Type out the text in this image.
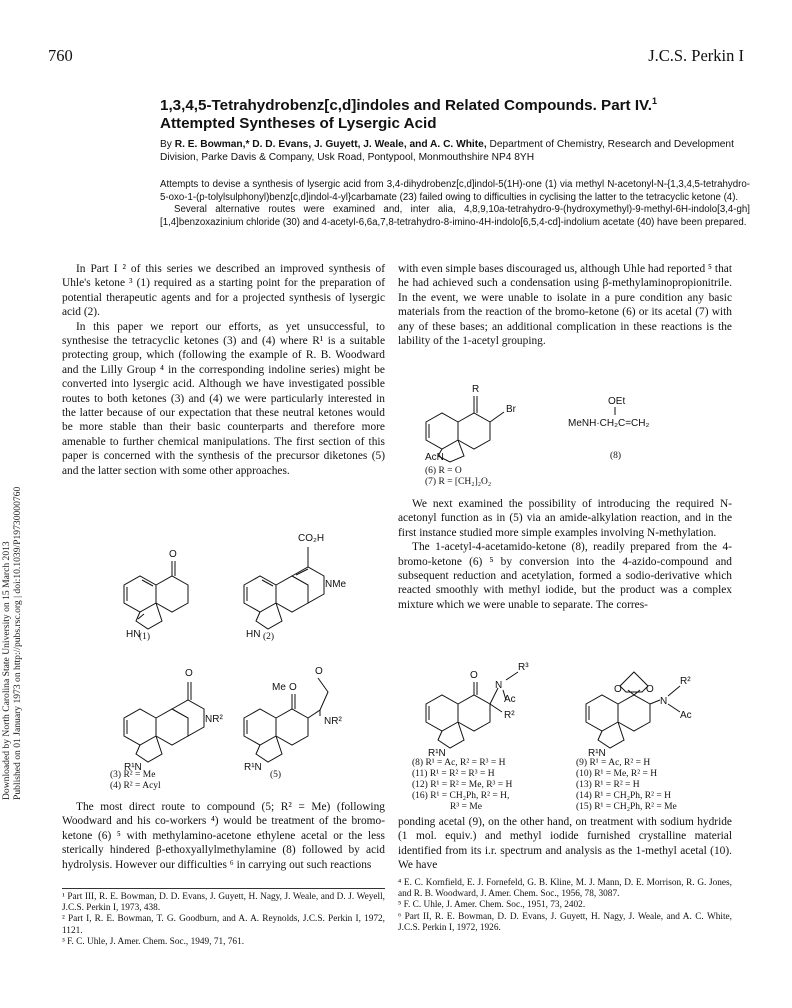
760	J.C.S. Perkin I
1,3,4,5-Tetrahydrobenz[c,d]indoles and Related Compounds. Part IV.$^1$
Attempted Syntheses of Lysergic Acid
By R. E. Bowman,* D. D. Evans, J. Guyett, J. Weale, and A. C. White, Department of Chemistry, Research and Development Division, Parke Davis & Company, Usk Road, Pontypool, Monmouthshire NP4 8YH

Attempts to devise a synthesis of lysergic acid from 3,4-dihydrobenz[c,d]indol-5(1H)-one (1) via methyl N-acetonyl-N-{1,3,4,5-tetrahydro-5-oxo-1-(p-tolylsulphonyl)benz[c,d]indol-4-yl}carbamate (23) failed owing to difficulties in cyclising the latter to the tetracyclic ketone (4).

Several alternative routes were examined and, inter alia, 4,8,9,10a-tetrahydro-9-(hydroxymethyl)-9-methyl-6H-indolo[3,4-gh][1,4]benzoxazinium chloride (30) and 4-acetyl-6,6a,7,8-tetrahydro-8-imino-4H-indolo[6,5,4-cd]-indolium acetate (40) have been prepared.

Downloaded by North Carolina State University on 15 March 2013 Published on 01 January 1973 on http://pubs.rsc.org | doi:10.1039/P19730000760

In Part I ² of this series we described an improved synthesis of Uhle's ketone ³ (1) required as a starting point for the preparation of potential therapeutic agents and for a projected synthesis of lysergic acid (2).

In this paper we report our efforts, as yet unsuccessful, to synthesise the tetracyclic ketones (3) and (4) where R¹ is a suitable protecting group, which (following the example of R. B. Woodward and the Lilly Group ⁴ in the corresponding indoline series) might be converted into lysergic acid. Although we have investigated possible routes to both ketones (3) and (4) we were particularly interested in the latter because of our expectation that these neutral ketones would be more stable than their basic counterparts and therefore more amenable to further chemical manipulations. The first section of this paper is concerned with the synthesis of the precursor diketones (5) and the latter section with some other approaches.

O
HN
CO₂H
NMe
HN
(1)	(2)
O
NR²
R¹N
O
Me
O
NR²
R¹N
(3) R² = Me
(4) R² = Acyl
(5)

The most direct route to compound (5; R² = Me) (following Woodward and his co-workers ⁴) would be treatment of the bromo-ketone (6) ⁵ with methylamino-acetone ethylene acetal or the less sterically hindered β-ethoxyallylmethylamine (8) followed by acid hydrolysis. However our difficulties ⁶ in carrying out such reactions

¹ Part III, R. E. Bowman, D. D. Evans, J. Guyett, H. Nagy, J. Weale, and D. J. Weyell, J.C.S. Perkin I, 1973, 438.

² Part I, R. E. Bowman, T. G. Goodburn, and A. A. Reynolds, J.C.S. Perkin I, 1972, 1121.

³ F. C. Uhle, J. Amer. Chem. Soc., 1949, 71, 761.

with even simple bases discouraged us, although Uhle had reported ⁵ that he had achieved such a condensation using β-methylaminopropionitrile. In the event, we were unable to isolate in a pure condition any basic materials from the reaction of the bromo-ketone (6) or its acetal (7) with any of these bases; an additional complication in these reactions is the lability of the 1-acetyl grouping.

R
Br
OEt
MeNH·CH₂C=CH₂
AcN	(8)
(6) R = O
(7) R = [CH₂]₂O₂

We next examined the possibility of introducing the required N-acetonyl function as in (5) via an amide-alkylation reaction, and in the first instance studied more simple examples involving N-methylation.

The 1-acetyl-4-acetamido-ketone (8), readily prepared from the 4-bromo-ketone (6) ⁵ by conversion into the 4-azido-compound and subsequent reduction and acetylation, formed a sodio-derivative which reacted smoothly with methyl iodide, but the product was a complex mixture which we were unable to separate. The corres-

O
N
R³
Ac
R²
R¹N
O O
N
R²
Ac
R¹N
(8) R¹ = Ac, R² = R³ = H
(11) R¹ = R² = R³ = H
(12) R¹ = R² = Me, R³ = H
(16) R¹ = CH₂Ph, R² = H,
R³ = Me
(9) R¹ = Ac, R² = H
(10) R¹ = Me, R² = H
(13) R¹ = R² = H
(14) R¹ = CH₂Ph, R² = H
(15) R¹ = CH₂Ph, R² = Me

ponding acetal (9), on the other hand, on treatment with sodium hydride (1 mol. equiv.) and methyl iodide furnished crystalline material identified from its i.r. spectrum and analysis as the 1-methyl acetal (10). We have

⁴ E. C. Kornfield, E. J. Fornefeld, G. B. Kline, M. J. Mann, D. E. Morrison, R. G. Jones, and R. B. Woodward, J. Amer. Chem. Soc., 1956, 78, 3087.

⁵ F. C. Uhle, J. Amer. Chem. Soc., 1951, 73, 2402.

⁶ Part II, R. E. Bowman, D. D. Evans, J. Guyett, H. Nagy, J. Weale, and A. C. White, J.C.S. Perkin I, 1972, 1926.
